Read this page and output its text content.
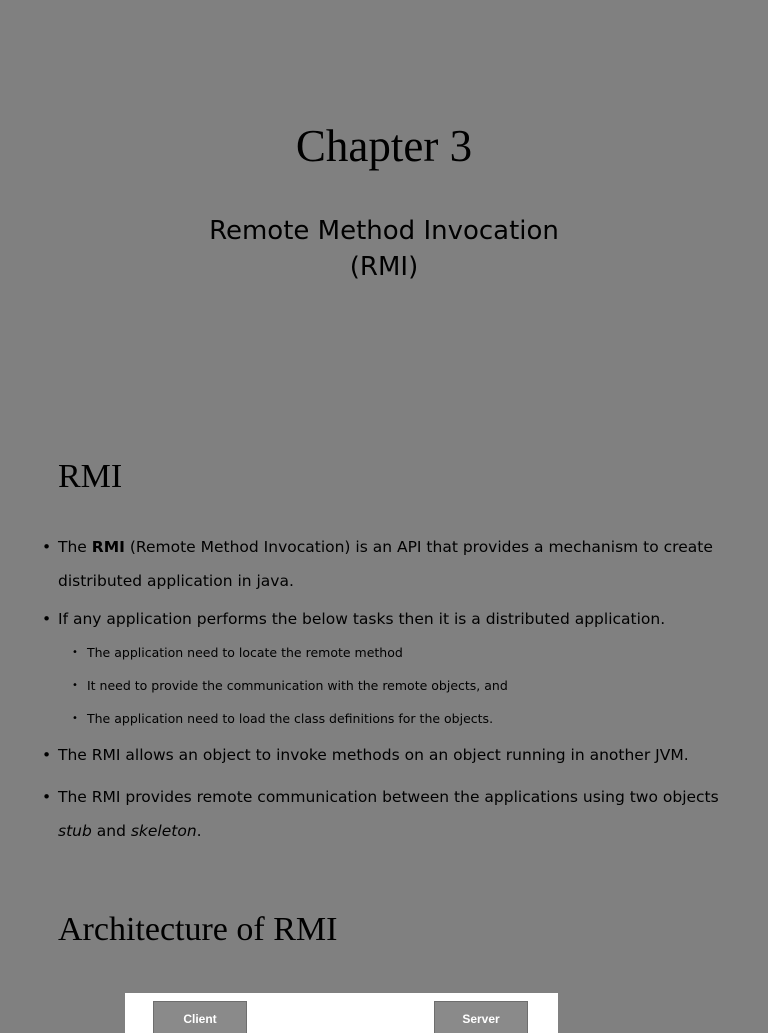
Chapter 3
Remote Method Invocation
(RMI)
RMI
• The RMI (Remote Method Invocation) is an API that provides a mechanism to create distributed application in java.
• If any application performs the below tasks then it is a distributed application.
• The application need to locate the remote method
• It need to provide the communication with the remote objects, and
• The application need to load the class definitions for the objects.
• The RMI allows an object to invoke methods on an object running in another JVM.
• The RMI provides remote communication between the applications using two objects stub and skeleton.
Architecture of RMI
Client	Server
